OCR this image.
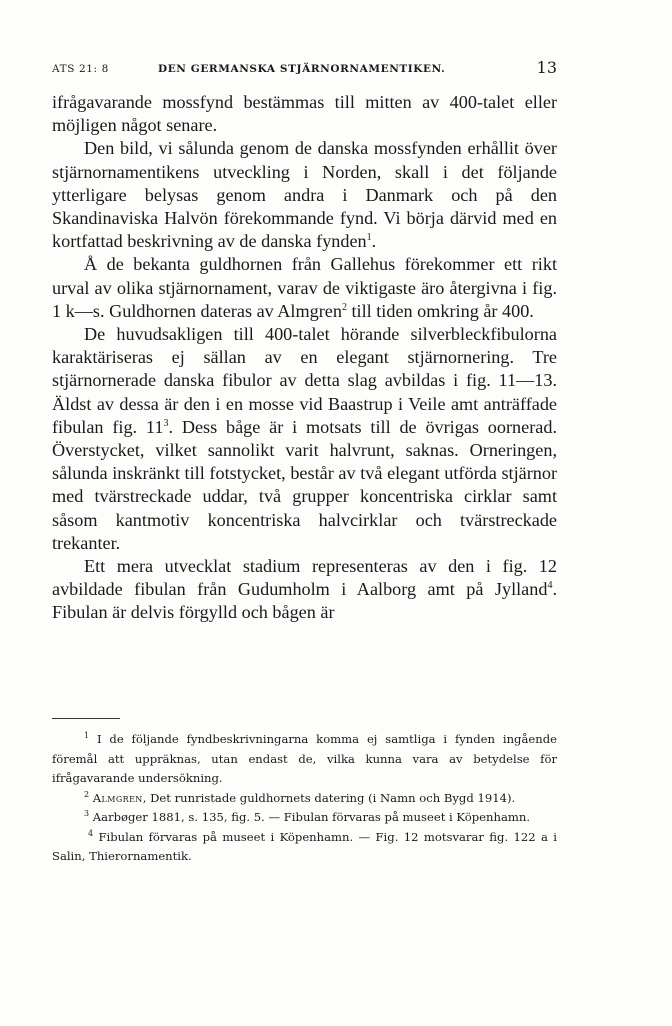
ATS 21: 8	DEN GERMANSKA STJÄRNORNAMENTIKEN.	13

ifrågavarande mossfynd bestämmas till mitten av 400-talet eller möjligen något senare.

Den bild, vi sålunda genom de danska mossfynden erhållit över stjärnornamentikens utveckling i Norden, skall i det följande ytterligare belysas genom andra i Danmark och på den Skandinaviska Halvön förekommande fynd. Vi börja därvid med en kortfattad beskrivning av de danska fynden$^1$.

Å de bekanta guldhornen från Gallehus förekommer ett rikt urval av olika stjärnornament, varav de viktigaste äro återgivna i fig. 1 k—s. Guldhornen dateras av Almgren$^2$ till tiden omkring år 400.

De huvudsakligen till 400-talet hörande silverbleckfibulorna karaktäriseras ej sällan av en elegant stjärnornering. Tre stjärnornerade danska fibulor av detta slag avbildas i fig. 11—13. Äldst av dessa är den i en mosse vid Baastrup i Veile amt anträffade fibulan fig. $11^3$. Dess båge är i motsats till de övrigas oornerad. Överstycket, vilket sannolikt varit halvrunt, saknas. Orneringen, sålunda inskränkt till fotstycket, består av två elegant utförda stjärnor med tvärstreckade uddar, två grupper koncentriska cirklar samt såsom kantmotiv koncentriska halvcirklar och tvärstreckade trekanter.

Ett mera utvecklat stadium representeras av den i fig. 12 avbildade fibulan från Gudumholm i Aalborg amt på Jylland$^4$. Fibulan är delvis förgylld och bågen är

$^1$ I de följande fyndbeskrivningarna komma ej samtliga i fynden ingående föremål att uppräknas, utan endast de, vilka kunna vara av betydelse för ifrågavarande undersökning.

$^2$ Almgren, Det runristade guldhornets datering (i Namn och Bygd 1914).

$^3$ Aarbøger 1881, s. 135, fig. 5. — Fibulan förvaras på museet i Köpenhamn.

$^4$ Fibulan förvaras på museet i Köpenhamn. — Fig. 12 motsvarar fig. 122 a i Salin, Thierornamentik.
